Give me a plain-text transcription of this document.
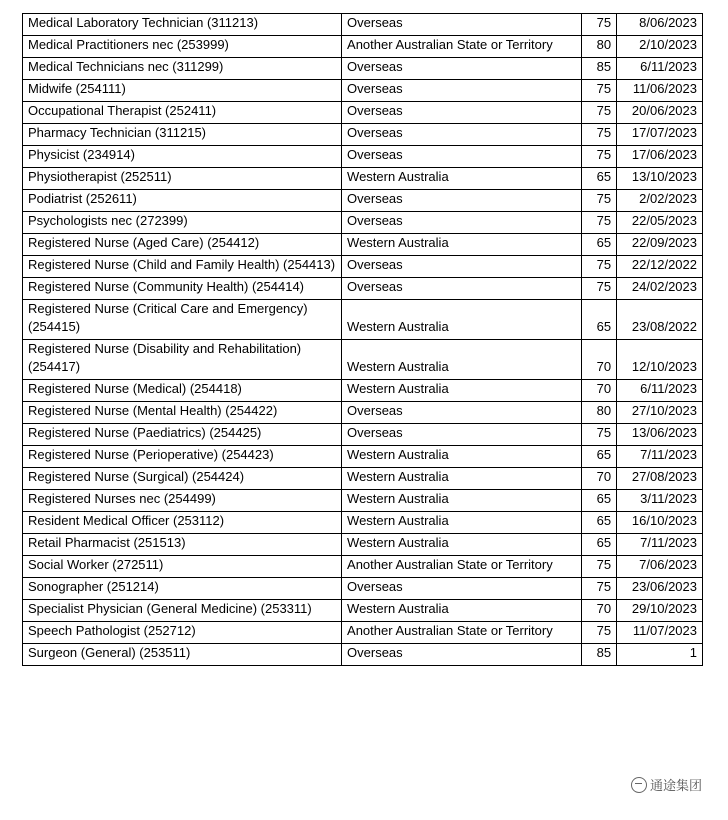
Medical Laboratory Technician (311213)	Overseas	75	8/06/2023
Medical Practitioners nec (253999)	Another Australian State or Territory	80	2/10/2023
Medical Technicians nec (311299)	Overseas	85	6/11/2023
Midwife (254111)	Overseas	75	11/06/2023
Occupational Therapist (252411)	Overseas	75	20/06/2023
Pharmacy Technician (311215)	Overseas	75	17/07/2023
Physicist (234914)	Overseas	75	17/06/2023
Physiotherapist (252511)	Western Australia	65	13/10/2023
Podiatrist (252611)	Overseas	75	2/02/2023
Psychologists nec (272399)	Overseas	75	22/05/2023
Registered Nurse (Aged Care) (254412)	Western Australia	65	22/09/2023
Registered Nurse (Child and Family Health) (254413)	Overseas	75	22/12/2022
Registered Nurse (Community Health) (254414)	Overseas	75	24/02/2023
Registered Nurse (Critical Care and Emergency) (254415)	Western Australia	65	23/08/2022
Registered Nurse (Disability and Rehabilitation) (254417)	Western Australia	70	12/10/2023
Registered Nurse (Medical) (254418)	Western Australia	70	6/11/2023
Registered Nurse (Mental Health) (254422)	Overseas	80	27/10/2023
Registered Nurse (Paediatrics) (254425)	Overseas	75	13/06/2023
Registered Nurse (Perioperative) (254423)	Western Australia	65	7/11/2023
Registered Nurse (Surgical) (254424)	Western Australia	70	27/08/2023
Registered Nurses nec (254499)	Western Australia	65	3/11/2023
Resident Medical Officer (253112)	Western Australia	65	16/10/2023
Retail Pharmacist (251513)	Western Australia	65	7/11/2023
Social Worker (272511)	Another Australian State or Territory	75	7/06/2023
Sonographer (251214)	Overseas	75	23/06/2023
Specialist Physician (General Medicine) (253311)	Western Australia	70	29/10/2023
Speech Pathologist (252712)	Another Australian State or Territory	75	11/07/2023
Surgeon (General) (253511)	Overseas	85	1
通途集团
